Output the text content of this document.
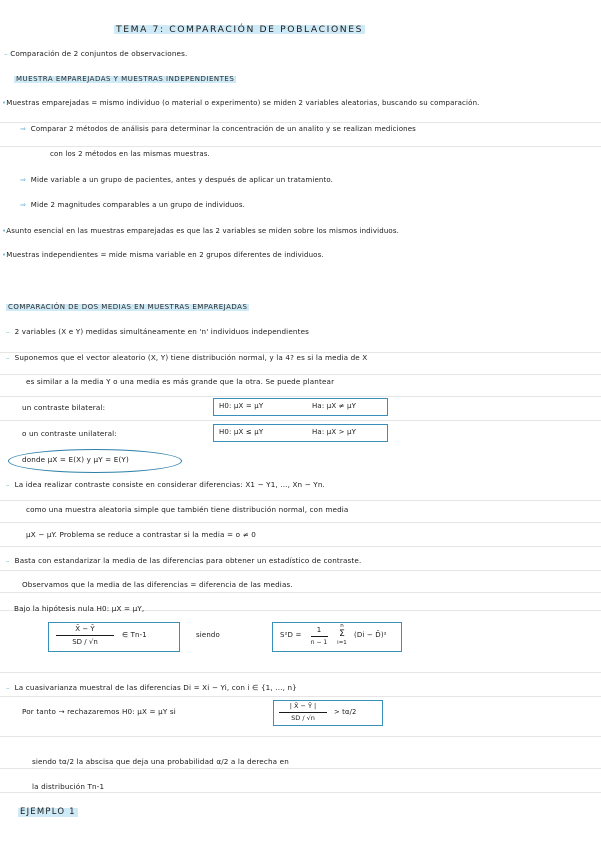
TEMA 7: COMPARACIÓN DE POBLACIONES
– Comparación de 2 conjuntos de observaciones.
MUESTRA EMPAREJADAS Y MUESTRAS INDEPENDIENTES
•Muestras emparejadas = mismo individuo (o material o experimento) se miden 2 variables aleatorias, buscando su comparación.
⇒ Comparar 2 métodos de análisis para determinar la concentración de un analito y se realizan mediciones
con los 2 métodos en las mismas muestras.
⇒ Mide variable a un grupo de pacientes, antes y después de aplicar un tratamiento.
⇒ Mide 2 magnitudes comparables a un grupo de individuos.
•Asunto esencial en las muestras emparejadas es que las 2 variables se miden sobre los mismos individuos.
•Muestras independientes = mide misma variable en 2 grupos diferentes de individuos.
COMPARACIÓN DE DOS MEDIAS EN MUESTRAS EMPAREJADAS
– 2 variables (X e Y) medidas simultáneamente en 'n' individuos independientes
– Suponemos que el vector aleatorio (X, Y) tiene distribución normal, y la 4? es si la media de X
es similar a la media Y o una media es más grande que la otra. Se puede plantear
un contraste bilateral:	H0: μX = μY	Ha: μX ≠ μY
o un contraste unilateral:	H0: μX ≤ μY	Ha: μX > μY
donde μX = E(X) y μY = E(Y)
– La idea realizar contraste consiste en considerar diferencias: X1 − Y1, ..., Xn − Yn.
como una muestra aleatoria simple que también tiene distribución normal, con media
μX − μY. Problema se reduce a contrastar si la media = o ≠ 0
– Basta con estandarizar la media de las diferencias para obtener un estadístico de contraste.
Observamos que la media de las diferencias = diferencia de las medias.
Bajo la hipótesis nula H0: μX = μY,
X̄ − Ȳ
SD / √n
∈ Tn-1	siendo	S²D =
1
n − 1
n
Σ
i=1
(Di − D̄)²
– La cuasivarianza muestral de las diferencias Di = Xi − Yi, con i ∈ {1, ..., n}
Por tanto → rechazaremos H0: μX = μY si
| X̄ − Ȳ |
SD / √n
> tα/2
siendo tα/2 la abscisa que deja una probabilidad α/2 a la derecha en
la distribución Tn-1
EJEMPLO 1
